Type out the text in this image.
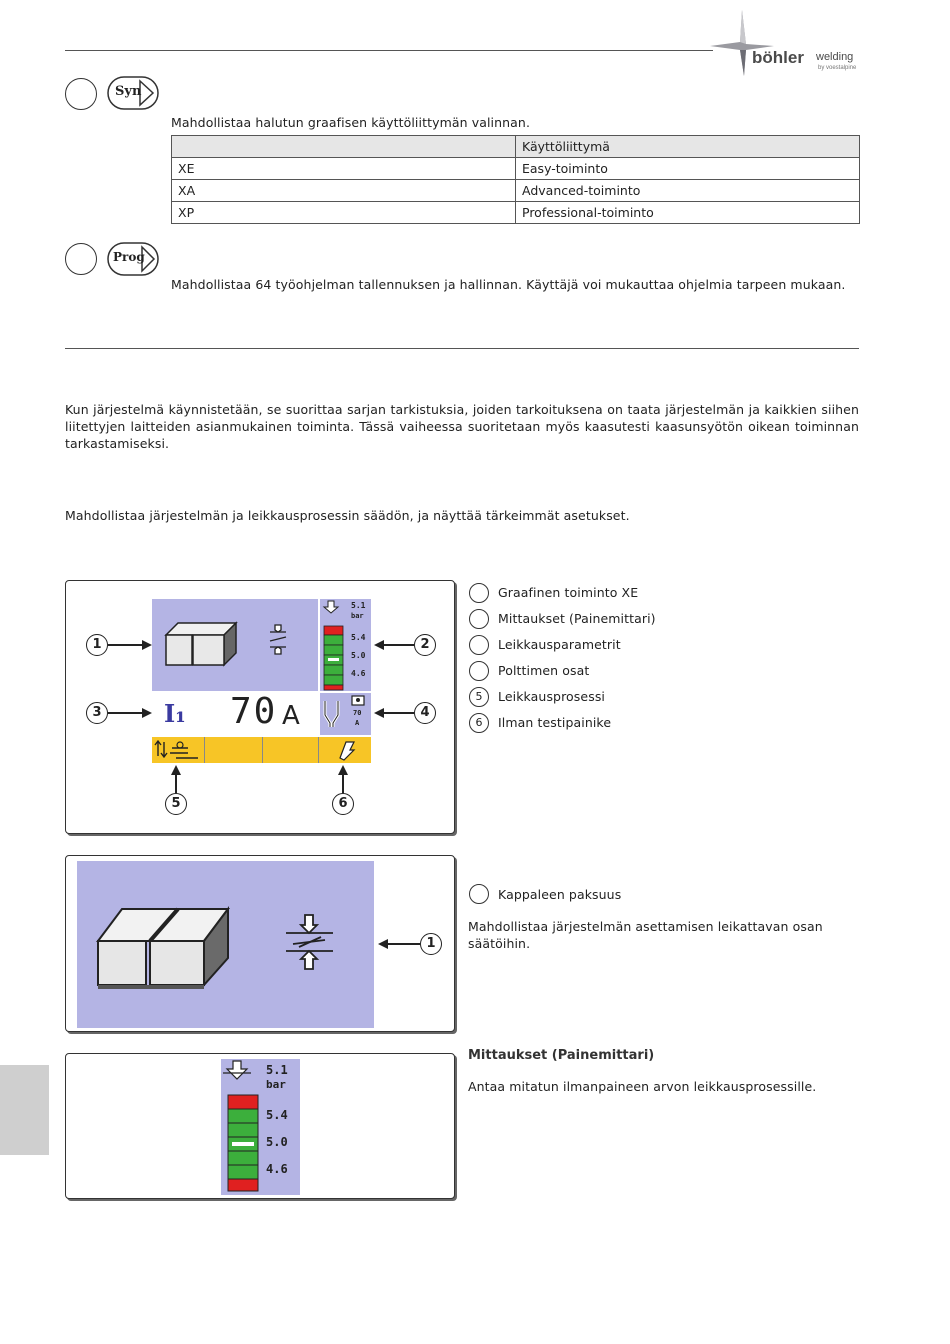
böhler welding
by voestalpine
Syn
Mahdollistaa halutun graafisen käyttöliittymän valinnan.
	Käyttöliittymä
XE	Easy-toiminto
XA	Advanced-toiminto
XP	Professional-toiminto
Prog
Mahdollistaa 64 työohjelman tallennuksen ja hallinnan. Käyttäjä voi mukauttaa ohjelmia tarpeen mukaan.
Kun järjestelmä käynnistetään, se suorittaa sarjan tarkistuksia, joiden tarkoituksena on taata järjestelmän ja kaikkien siihen liitettyjen laitteiden asianmukainen toiminta. Tässä vaiheessa suoritetaan myös kaasutesti kaasunsyötön oikean toiminnan tarkastamiseksi.
Mahdollistaa järjestelmän ja leikkausprosessin säädön, ja näyttää tärkeimmät asetukset.
5.1
bar
5.4
5.0
4.6
I₁ 70 A	70
A
1	2
3	4
5	6
Graafinen toiminto XE
Mittaukset (Painemittari)
Leikkausparametrit
Polttimen osat
5	Leikkausprosessi
6	Ilman testipainike
1
Kappaleen paksuus
Mahdollistaa järjestelmän asettamisen leikattavan osan säätöihin.
5.1
bar
5.4
5.0
4.6
Mittaukset (Painemittari)
Antaa mitatun ilmanpaineen arvon leikkausprosessille.
